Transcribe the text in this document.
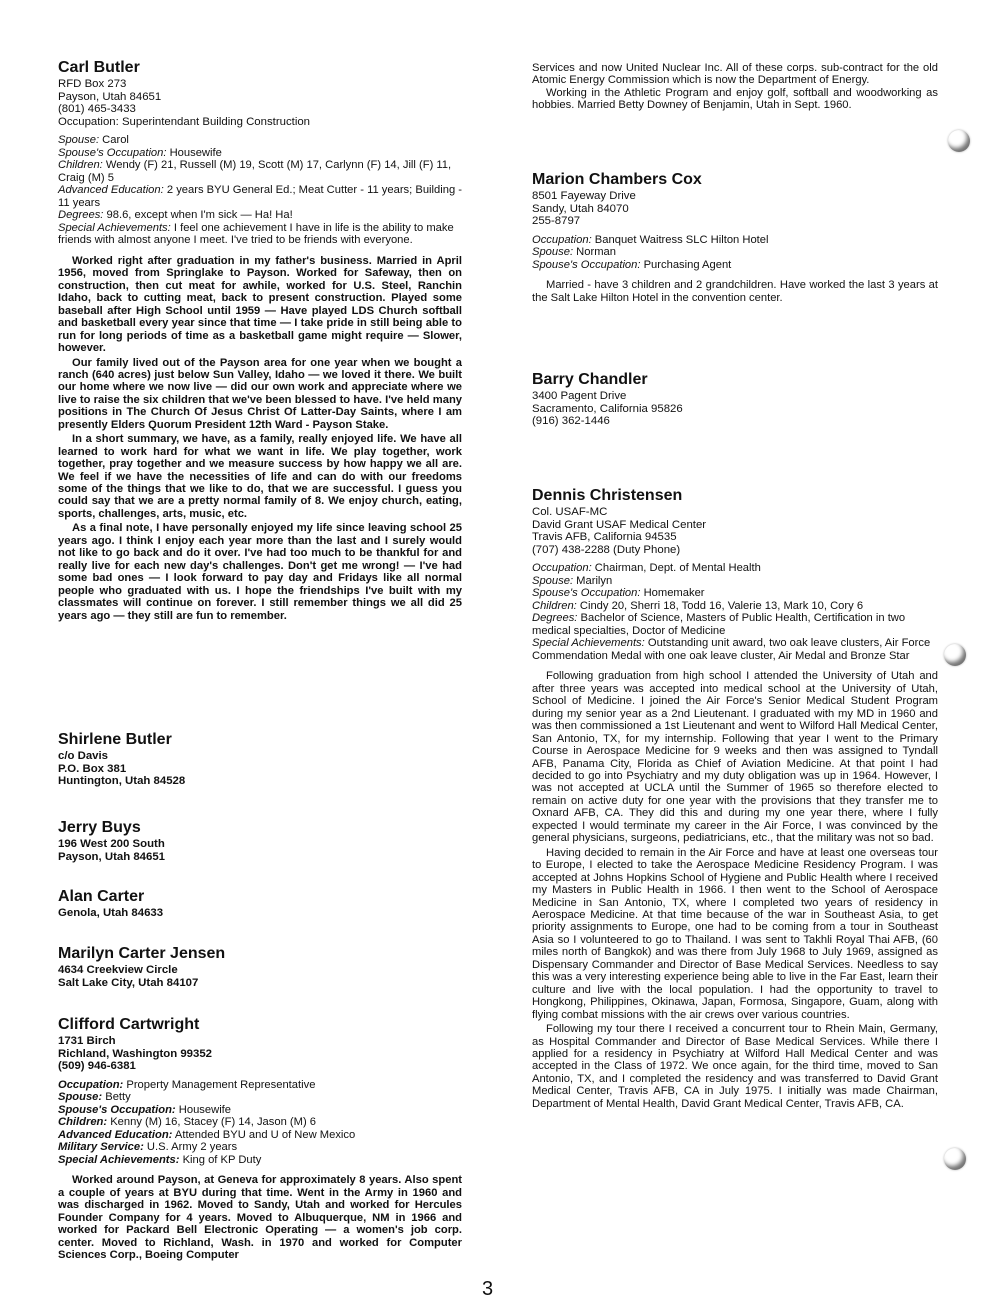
Carl Butler
RFD Box 273
Payson, Utah 84651
(801) 465-3433
Occupation: Superintendant Building Construction
Spouse: Carol
Spouse's Occupation: Housewife
Children: Wendy (F) 21, Russell (M) 19, Scott (M) 17, Carlynn (F) 14, Jill (F) 11, Craig (M) 5
Advanced Education: 2 years BYU General Ed.; Meat Cutter - 11 years; Building - 11 years
Degrees: 98.6, except when I'm sick — Ha! Ha!
Special Achievements: I feel one achievement I have in life is the ability to make friends with almost anyone I meet. I've tried to be friends with everyone.

Worked right after graduation in my father's business. Married in April 1956, moved from Springlake to Payson. Worked for Safeway, then on construction, then cut meat for awhile, worked for U.S. Steel, Ranchin Idaho, back to cutting meat, back to present construction. Played some baseball after High School until 1959 — Have played LDS Church softball and basketball every year since that time — I take pride in still being able to run for long periods of time as a basketball game might require — Slower, however.

Our family lived out of the Payson area for one year when we bought a ranch (640 acres) just below Sun Valley, Idaho — we loved it there. We built our home where we now live — did our own work and appreciate where we live to raise the six children that we've been blessed to have. I've held many positions in The Church Of Jesus Christ Of Latter-Day Saints, where I am presently Elders Quorum President 12th Ward - Payson Stake.

In a short summary, we have, as a family, really enjoyed life. We have all learned to work hard for what we want in life. We play together, work together, pray together and we measure success by how happy we all are. We feel if we have the necessities of life and can do with our freedoms some of the things that we like to do, that we are successful. I guess you could say that we are a pretty normal family of 8. We enjoy church, eating, sports, challenges, arts, music, etc.

As a final note, I have personally enjoyed my life since leaving school 25 years ago. I think I enjoy each year more than the last and I surely would not like to go back and do it over. I've had too much to be thankful for and really live for each new day's challenges. Don't get me wrong! — I've had some bad ones — I look forward to pay day and Fridays like all normal people who graduated with us. I hope the friendships I've built with my classmates will continue on forever. I still remember things we all did 25 years ago — they still are fun to remember.

Shirlene Butler
c/o Davis
P.O. Box 381
Huntington, Utah 84528
Jerry Buys
196 West 200 South
Payson, Utah 84651
Alan Carter
Genola, Utah 84633
Marilyn Carter Jensen
4634 Creekview Circle
Salt Lake City, Utah 84107
Clifford Cartwright
1731 Birch
Richland, Washington 99352
(509) 946-6381
Occupation: Property Management Representative
Spouse: Betty
Spouse's Occupation: Housewife
Children: Kenny (M) 16, Stacey (F) 14, Jason (M) 6
Advanced Education: Attended BYU and U of New Mexico
Military Service: U.S. Army 2 years
Special Achievements: King of KP Duty

Worked around Payson, at Geneva for approximately 8 years. Also spent a couple of years at BYU during that time. Went in the Army in 1960 and was discharged in 1962. Moved to Sandy, Utah and worked for Hercules Founder Company for 4 years. Moved to Albuquerque, NM in 1966 and worked for Packard Bell Electronic Operating — a women's job corp. center. Moved to Richland, Wash. in 1970 and worked for Computer Sciences Corp., Boeing Computer

Services and now United Nuclear Inc. All of these corps. sub-contract for the old Atomic Energy Commission which is now the Department of Energy.

Working in the Athletic Program and enjoy golf, softball and woodworking as hobbies. Married Betty Downey of Benjamin, Utah in Sept. 1960.

Marion Chambers Cox
8501 Fayeway Drive
Sandy, Utah 84070
255-8797
Occupation: Banquet Waitress SLC Hilton Hotel
Spouse: Norman
Spouse's Occupation: Purchasing Agent

Married - have 3 children and 2 grandchildren. Have worked the last 3 years at the Salt Lake Hilton Hotel in the convention center.

Barry Chandler
3400 Pagent Drive
Sacramento, California 95826
(916) 362-1446
Dennis Christensen
Col. USAF-MC
David Grant USAF Medical Center
Travis AFB, California 94535
(707) 438-2288 (Duty Phone)
Occupation: Chairman, Dept. of Mental Health
Spouse: Marilyn
Spouse's Occupation: Homemaker
Children: Cindy 20, Sherri 18, Todd 16, Valerie 13, Mark 10, Cory 6
Degrees: Bachelor of Science, Masters of Public Health, Certification in two medical specialties, Doctor of Medicine
Special Achievements: Outstanding unit award, two oak leave clusters, Air Force Commendation Medal with one oak leave cluster, Air Medal and Bronze Star

Following graduation from high school I attended the University of Utah and after three years was accepted into medical school at the University of Utah, School of Medicine. I joined the Air Force's Senior Medical Student Program during my senior year as a 2nd Lieutenant. I graduated with my MD in 1960 and was then commissioned a 1st Lieutenant and went to Wilford Hall Medical Center, San Antonio, TX, for my internship. Following that year I went to the Primary Course in Aerospace Medicine for 9 weeks and then was assigned to Tyndall AFB, Panama City, Florida as Chief of Aviation Medicine. At that point I had decided to go into Psychiatry and my duty obligation was up in 1964. However, I was not accepted at UCLA until the Summer of 1965 so therefore elected to remain on active duty for one year with the provisions that they transfer me to Oxnard AFB, CA. They did this and during my one year there, where I fully expected I would terminate my career in the Air Force, I was convinced by the general physicians, surgeons, pediatricians, etc., that the military was not so bad.

Having decided to remain in the Air Force and have at least one overseas tour to Europe, I elected to take the Aerospace Medicine Residency Program. I was accepted at Johns Hopkins School of Hygiene and Public Health where I received my Masters in Public Health in 1966. I then went to the School of Aerospace Medicine in San Antonio, TX, where I completed two years of residency in Aerospace Medicine. At that time because of the war in Southeast Asia, to get priority assignments to Europe, one had to be coming from a tour in Southeast Asia so I volunteered to go to Thailand. I was sent to Takhli Royal Thai AFB, (60 miles north of Bangkok) and was there from July 1968 to July 1969, assigned as Dispensary Commander and Director of Base Medical Services. Needless to say this was a very interesting experience being able to live in the Far East, learn their culture and live with the local population. I had the opportunity to travel to Hongkong, Philippines, Okinawa, Japan, Formosa, Singapore, Guam, along with flying combat missions with the air crews over various countries.

Following my tour there I received a concurrent tour to Rhein Main, Germany, as Hospital Commander and Director of Base Medical Services. While there I applied for a residency in Psychiatry at Wilford Hall Medical Center and was accepted in the Class of 1972. We once again, for the third time, moved to San Antonio, TX, and I completed the residency and was transferred to David Grant Medical Center, Travis AFB, CA in July 1975. I initially was made Chairman, Department of Mental Health, David Grant Medical Center, Travis AFB, CA.

3
